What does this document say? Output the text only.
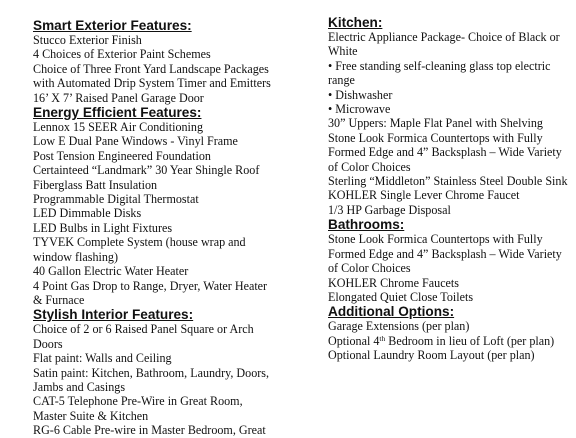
Smart Exterior Features:
Stucco Exterior Finish
4 Choices of Exterior Paint Schemes
Choice of Three Front Yard Landscape Packages
with Automated Drip System Timer and Emitters
16’ X 7’ Raised Panel Garage Door
Energy Efficient Features:
Lennox 15 SEER Air Conditioning
Low E Dual Pane Windows - Vinyl Frame
Post Tension Engineered Foundation
Certainteed “Landmark” 30 Year Shingle Roof
Fiberglass Batt Insulation
Programmable Digital Thermostat
LED Dimmable Disks
LED Bulbs in Light Fixtures
TYVEK Complete System (house wrap and
window flashing)
40 Gallon Electric Water Heater
4 Point Gas Drop to Range, Dryer, Water Heater
& Furnace
Stylish Interior Features:
Choice of 2 or 6 Raised Panel Square or Arch
Doors
Flat paint: Walls and Ceiling
Satin paint: Kitchen, Bathroom, Laundry, Doors,
Jambs and Casings
CAT-5 Telephone Pre-Wire in Great Room,
Master Suite & Kitchen
RG-6 Cable Pre-wire in Master Bedroom, Great
Kitchen:
Electric Appliance Package- Choice of Black or
White
• Free standing self-cleaning glass top electric
range
• Dishwasher
• Microwave
30” Uppers: Maple Flat Panel with Shelving
Stone Look Formica Countertops with Fully
Formed Edge and 4” Backsplash – Wide Variety
of Color Choices
Sterling “Middleton” Stainless Steel Double Sink
KOHLER Single Lever Chrome Faucet
1/3 HP Garbage Disposal
Bathrooms:
Stone Look Formica Countertops with Fully
Formed Edge and 4” Backsplash – Wide Variety
of Color Choices
KOHLER Chrome Faucets
Elongated Quiet Close Toilets
Additional Options:
Garage Extensions (per plan)
Optional 4th Bedroom in lieu of Loft (per plan)
Optional Laundry Room Layout (per plan)
